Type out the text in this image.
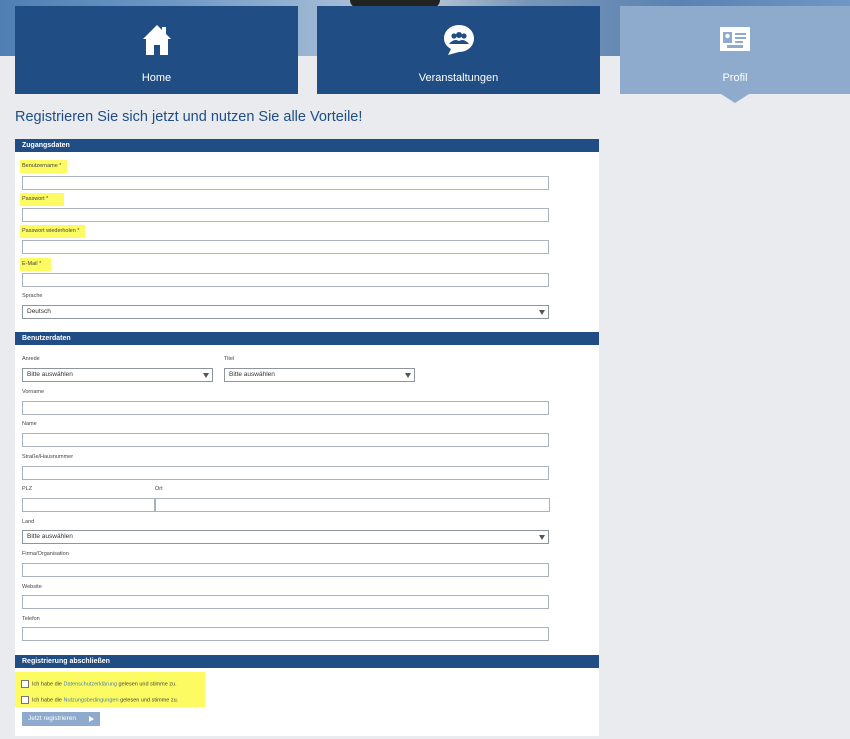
Home	Veranstaltungen	Profil
Registrieren Sie sich jetzt und nutzen Sie alle Vorteile!
Zugangsdaten
Benutzername *
Passwort *
Passwort wiederholen *
E-Mail *
Sprache
Deutsch
Benutzerdaten
Anrede
Bitte auswählen
Titel
Bitte auswählen
Vorname
Name
Straße/Hausnummer
PLZ	Ort
Land
Bitte auswählen
Firma/Organisation
Website
Telefon
Registrierung abschließen
Ich habe die Datenschutzerklärung gelesen und stimme zu.
Ich habe die Nutzungsbedingungen gelesen und stimme zu.
Jetzt registrieren
